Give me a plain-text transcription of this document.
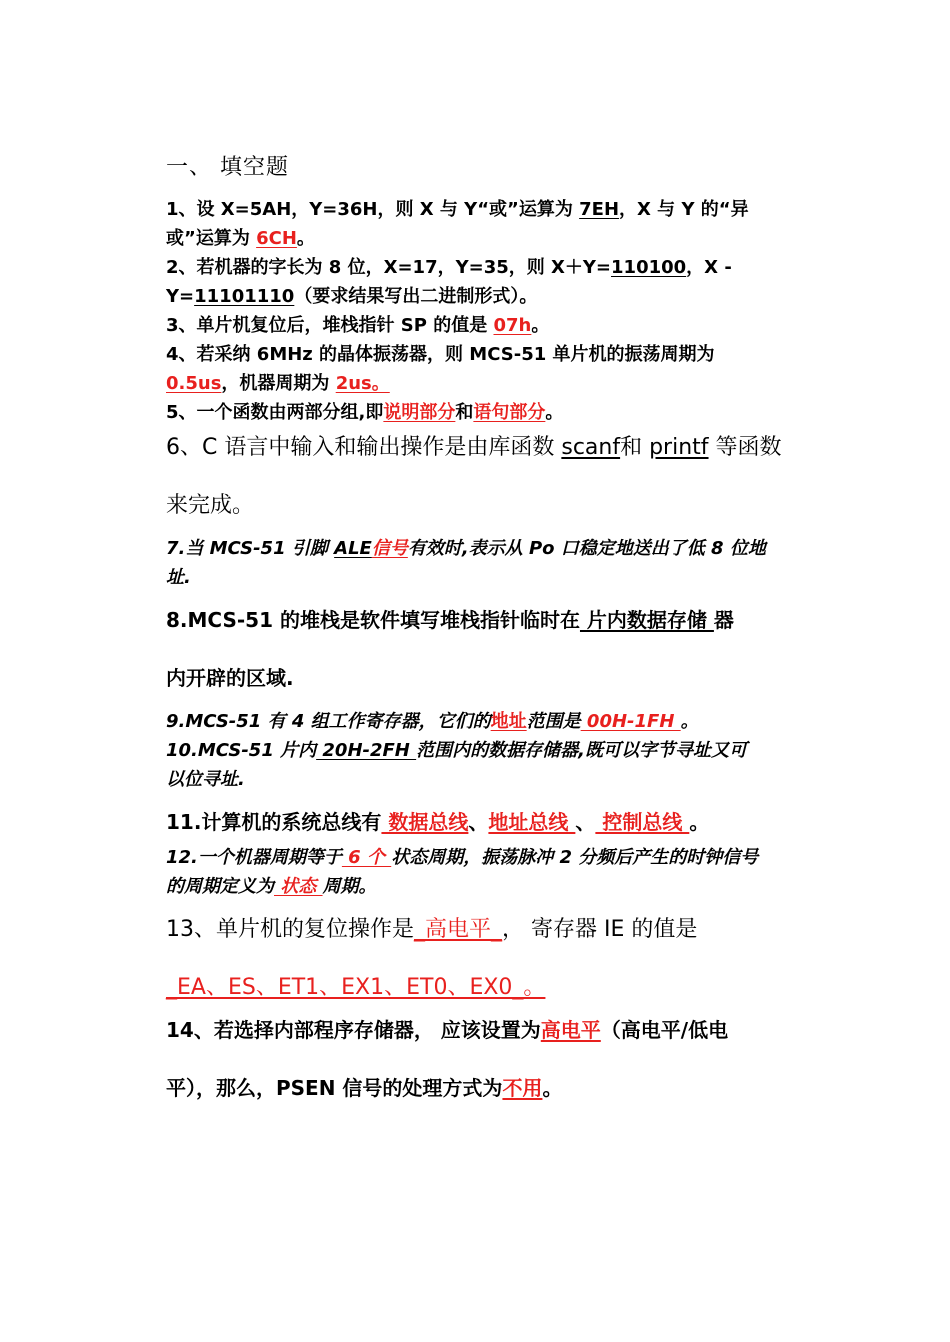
一、 填空题
1、设 X=5AH，Y=36H，则 X 与 Y“或”运算为 7EH，X 与 Y 的“异
或”运算为 6CH。
2、若机器的字长为 8 位，X=17，Y=35，则 X＋Y=110100，X -
Y=11101110（要求结果写出二进制形式）。
3、单片机复位后，堆栈指针 SP 的值是 07h。
4、若采纳 6MHz 的晶体振荡器，则 MCS-51 单片机的振荡周期为
0.5us，机器周期为 2us。
5、一个函数由两部分组,即说明部分和语句部分。
6、C 语言中输入和输出操作是由库函数 scanf和 printf 等函数
来完成。
7.当 MCS-51 引脚 ALE信号有效时,表示从 Po 口稳定地送出了低 8 位地
址.
8.MCS-51 的堆栈是软件填写堆栈指针临时在 片内数据存储 器
内开辟的区域.
9.MCS-51 有 4 组工作寄存器，它们的地址范围是 00H-1FH 。
10.MCS-51 片内 20H-2FH 范围内的数据存储器,既可以字节寻址又可
以位寻址.
11.计算机的系统总线有 数据总线、地址总线 、 控制总线 。
12.一个机器周期等于 6 个 状态周期，振荡脉冲 2 分频后产生的时钟信号
的周期定义为 状态 周期。
13、单片机的复位操作是_高电平_， 寄存器 IE 的值是
_EA、ES、ET1、EX1、ET0、EX0_。
14、若选择内部程序存储器， 应该设置为高电平（高电平/低电
平），那么，PSEN 信号的处理方式为不用。
